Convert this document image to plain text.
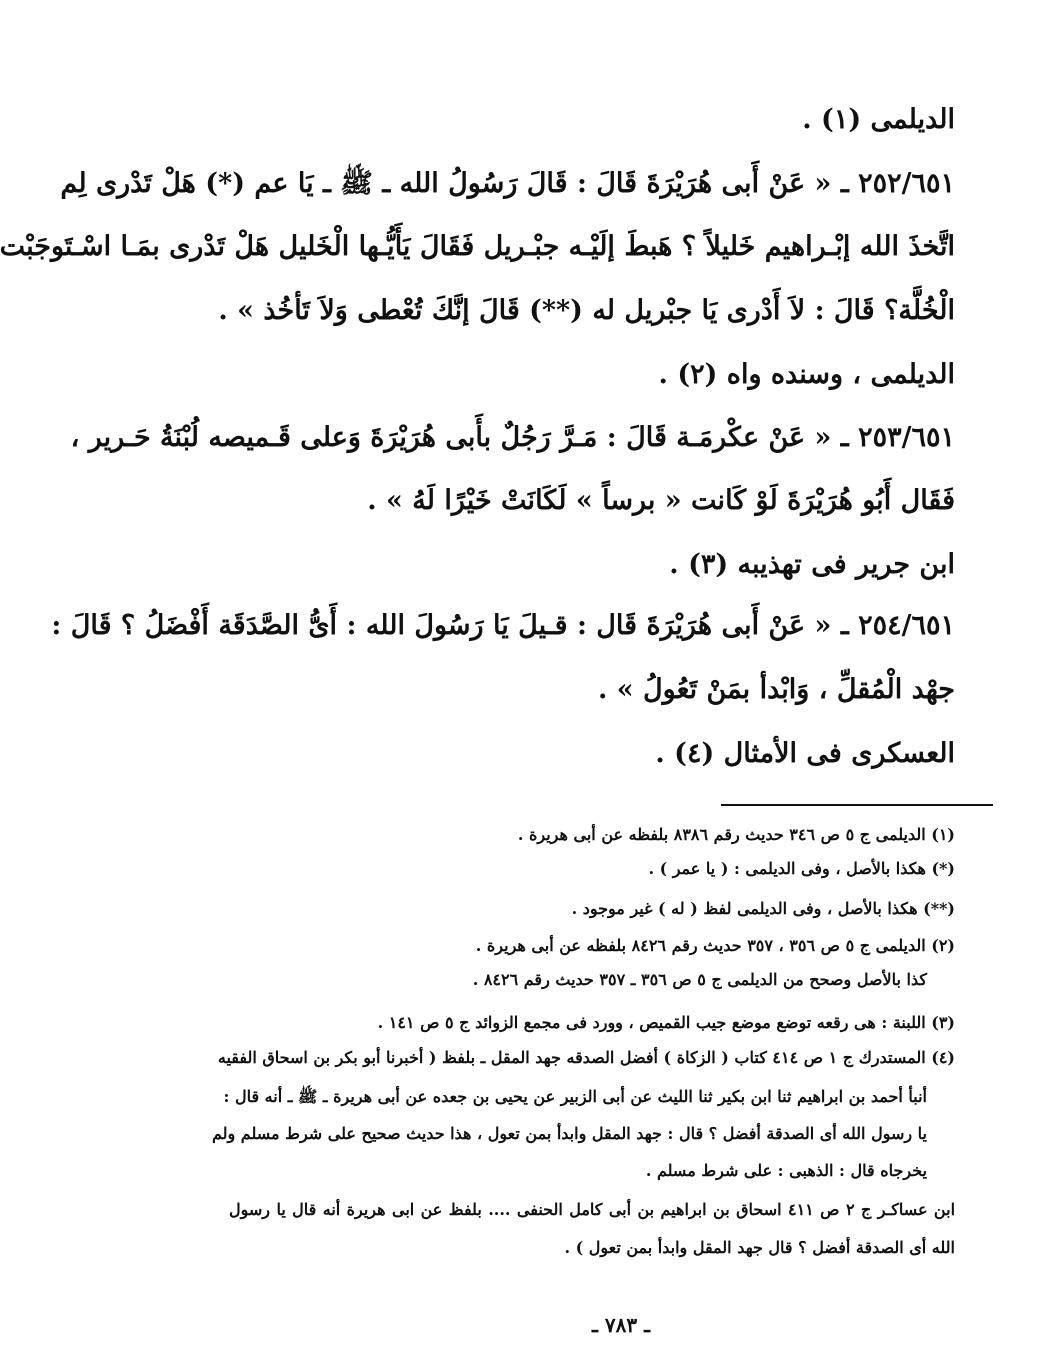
الديلمى (١) .
٢٥٢/٦٥١ ـ « عَنْ أَبى هُرَيْرَةَ قَالَ : قَالَ رَسُولُ الله ـ ﷺ ـ يَا عم (*) هَلْ تَدْرى لِم
اتَّخذَ الله إبْـراهيم خَليلاً ؟ هَبطَ إلَيْـه جبْـريل فَقَالَ يَأَيُّـها الْخَليل هَلْ تَدْرى بمَـا اسْـتَوجَبْت
الْخُلَّة؟ قَالَ : لاَ أَدْرى يَا جبْريل له (**) قَالَ إنَّكَ تُعْطى وَلاَ تَأخُذ » .
الديلمى ، وسنده واه (٢) .
٢٥٣/٦٥١ ـ « عَنْ عكْرمَـة قَالَ : مَـرَّ رَجُلٌ بأَبى هُرَيْرَةَ وَعلى قَـميصه لُبْنَةُ حَـرير ،
فَقَال أَبُو هُرَيْرَةَ لَوْ كَانت « برساً » لَكَانَتْ خَيْرًا لَهُ » .
ابن جرير فى تهذيبه (٣) .
٢٥٤/٦٥١ ـ « عَنْ أَبى هُرَيْرَةَ قَال : قـيلَ يَا رَسُولَ الله : أَىُّ الصَّدَقَة أَفْضَلُ ؟ قَالَ :
جهْد الْمُقلِّ ، وَابْدأ بمَنْ تَعُولُ » .
العسكرى فى الأمثال (٤) .
(١) الديلمى ج ٥ ص ٣٤٦ حديث رقم ٨٣٨٦ بلفظه عن أبى هريرة .
(*) هكذا بالأصل ، وفى الديلمى : ( يا عمر ) .
(**) هكذا بالأصل ، وفى الديلمى لفظ ( له ) غير موجود .
(٢) الديلمى ج ٥ ص ٣٥٦ ، ٣٥٧ حديث رقم ٨٤٢٦ بلفظه عن أبى هريرة .
كذا بالأصل وصحح من الديلمى ج ٥ ص ٣٥٦ ـ ٣٥٧ حديث رقم ٨٤٢٦ .
(٣) اللبنة : هى رقعه توضع موضع جيب القميص ، وورد فى مجمع الزوائد ج ٥ ص ١٤١ .
(٤) المستدرك ج ١ ص ٤١٤ كتاب ( الزكاة ) أفضل الصدقه جهد المقل ـ بلفظ ( أخبرنا أبو بكر بن اسحاق الفقيه
أنبأ أحمد بن ابراهيم ثنا ابن بكير ثنا الليث عن أبى الزبير عن يحيى بن جعده عن أبى هريرة ـ ﷺ ـ أنه قال :
يا رسول الله أى الصدقة أفضل ؟ قال : جهد المقل وابدأ بمن تعول ، هذا حديث صحيح على شرط مسلم ولم
يخرجاه قال : الذهبى : على شرط مسلم .
ابن عساكـر ج ٢ ص ٤١١ اسحاق بن ابراهيم بن أبى كامل الحنفى .... بلفظ عن ابى هريرة أنه قال يا رسول
الله أى الصدقة أفضل ؟ قال جهد المقل وابدأ بمن تعول ) .
ـ ٧٨٣ ـ
